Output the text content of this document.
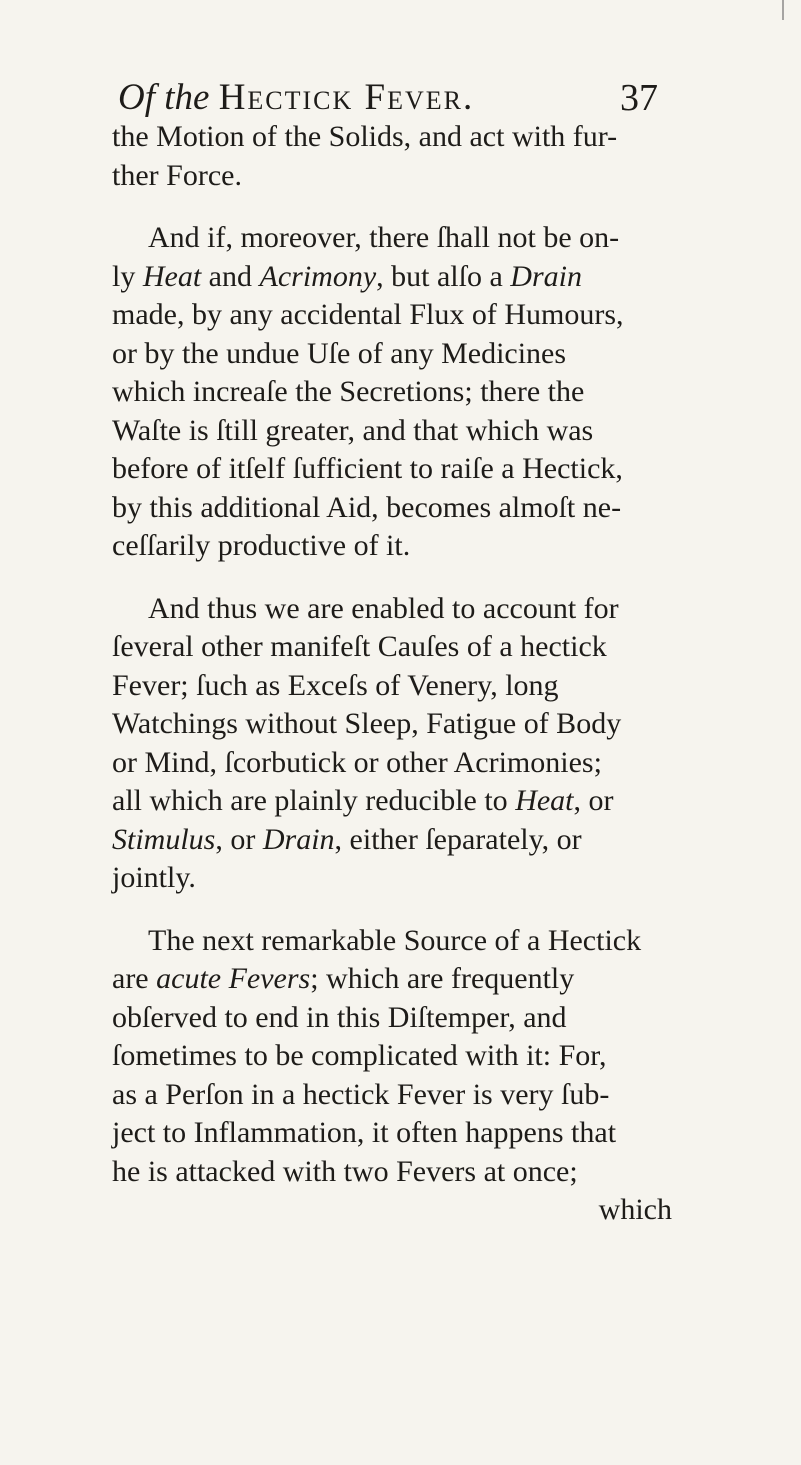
Of the Hectick Fever.	37
the Motion of the Solids, and act with fur-
ther Force.
And if, moreover, there ſhall not be on-
ly Heat and Acrimony, but alſo a Drain
made, by any accidental Flux of Humours,
or by the undue Uſe of any Medicines
which increaſe the Secretions; there the
Waſte is ſtill greater, and that which was
before of itſelf ſufficient to raiſe a Hectick,
by this additional Aid, becomes almoſt ne-
ceſſarily productive of it.
And thus we are enabled to account for
ſeveral other manifeſt Cauſes of a hectick
Fever; ſuch as Exceſs of Venery, long
Watchings without Sleep, Fatigue of Body
or Mind, ſcorbutick or other Acrimonies;
all which are plainly reducible to Heat, or
Stimulus, or Drain, either ſeparately, or
jointly.
The next remarkable Source of a Hectick
are acute Fevers; which are frequently
obſerved to end in this Diſtemper, and
ſometimes to be complicated with it: For,
as a Perſon in a hectick Fever is very ſub-
ject to Inflammation, it often happens that
he is attacked with two Fevers at once;
which
